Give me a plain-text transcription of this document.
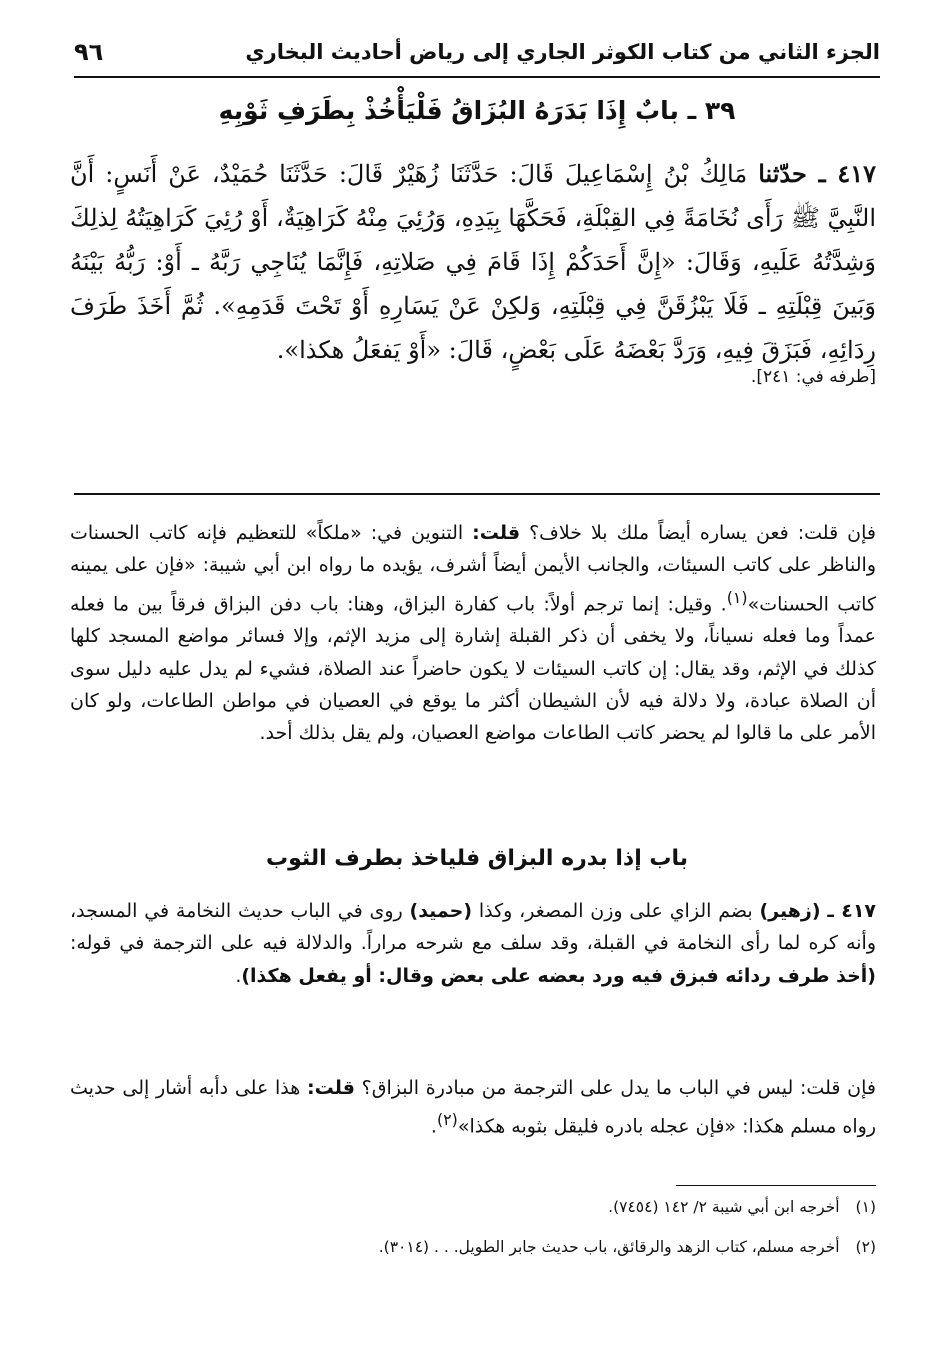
الجزء الثاني من كتاب الكوثر الجاري إلى رياض أحاديث البخاري
٩٦
٣٩ ـ بابٌ إِذَا بَدَرَهُ البُزَاقُ فَلْيَأْخُذْ بِطَرَفِ ثَوْبِهِ
٤١٧ ـ حدّثنا مَالِكُ بْنُ إِسْمَاعِيلَ قَالَ: حَدَّثَنَا زُهَيْرٌ قَالَ: حَدَّثَنَا حُمَيْدٌ، عَنْ أَنَسٍ: أَنَّ النَّبِيَّ ﷺ رَأَى نُخَامَةً فِي القِبْلَةِ، فَحَكَّهَا بِيَدِهِ، وَرُئِيَ مِنْهُ كَرَاهِيَةٌ، أَوْ رُئِيَ كَرَاهِيَتُهُ لِذلِكَ وَشِدَّتُهُ عَلَيهِ، وَقَالَ: «إِنَّ أَحَدَكُمْ إِذَا قَامَ فِي صَلاتِهِ، فَإِنَّمَا يُنَاجِي رَبَّهُ ـ أَوْ: رَبُّهُ بَيْنَهُ وَبَينَ قِبْلَتِهِ ـ فَلَا يَبْزُقَنَّ فِي قِبْلَتِهِ، وَلكِنْ عَنْ يَسَارِهِ أَوْ تَحْتَ قَدَمِهِ». ثُمَّ أَخَذَ طَرَفَ رِدَائِهِ، فَبَزَقَ فِيهِ، وَرَدَّ بَعْضَهُ عَلَى بَعْضٍ، قَالَ: «أَوْ يَفعَلُ هكذا».
[طرفه في: ٢٤١].
فإن قلت: فعن يساره أيضاً ملك بلا خلاف؟ قلت: التنوين في: «ملكاً» للتعظيم فإنه كاتب الحسنات والناظر على كاتب السيئات، والجانب الأيمن أيضاً أشرف، يؤيده ما رواه ابن أبي شيبة: «فإن على يمينه كاتب الحسنات»$^{(١)}$. وقيل: إنما ترجم أولاً: باب كفارة البزاق، وهنا: باب دفن البزاق فرقاً بين ما فعله عمداً وما فعله نسياناً، ولا يخفى أن ذكر القبلة إشارة إلى مزيد الإثم، وإلا فسائر مواضع المسجد كلها كذلك في الإثم، وقد يقال: إن كاتب السيئات لا يكون حاضراً عند الصلاة، فشيء لم يدل عليه دليل سوى أن الصلاة عبادة، ولا دلالة فيه لأن الشيطان أكثر ما يوقع في العصيان في مواطن الطاعات، ولو كان الأمر على ما قالوا لم يحضر كاتب الطاعات مواضع العصيان، ولم يقل بذلك أحد.
باب إذا بدره البزاق فلياخذ بطرف الثوب
٤١٧ ـ (زهير) بضم الزاي على وزن المصغر، وكذا (حميد) روى في الباب حديث النخامة في المسجد، وأنه كره لما رأى النخامة في القبلة، وقد سلف مع شرحه مراراً. والدلالة فيه على الترجمة في قوله: (أخذ طرف ردائه فبزق فيه ورد بعضه على بعض وقال: أو يفعل هكذا).
فإن قلت: ليس في الباب ما يدل على الترجمة من مبادرة البزاق؟ قلت: هذا على دأبه أشار إلى حديث رواه مسلم هكذا: «فإن عجله بادره فليقل بثوبه هكذا»$^{(٢)}$.
(١)أخرجه ابن أبي شيبة ٢/ ١٤٢ (٧٤٥٤).
(٢)أخرجه مسلم، كتاب الزهد والرقائق، باب حديث جابر الطويل. . . (٣٠١٤).
